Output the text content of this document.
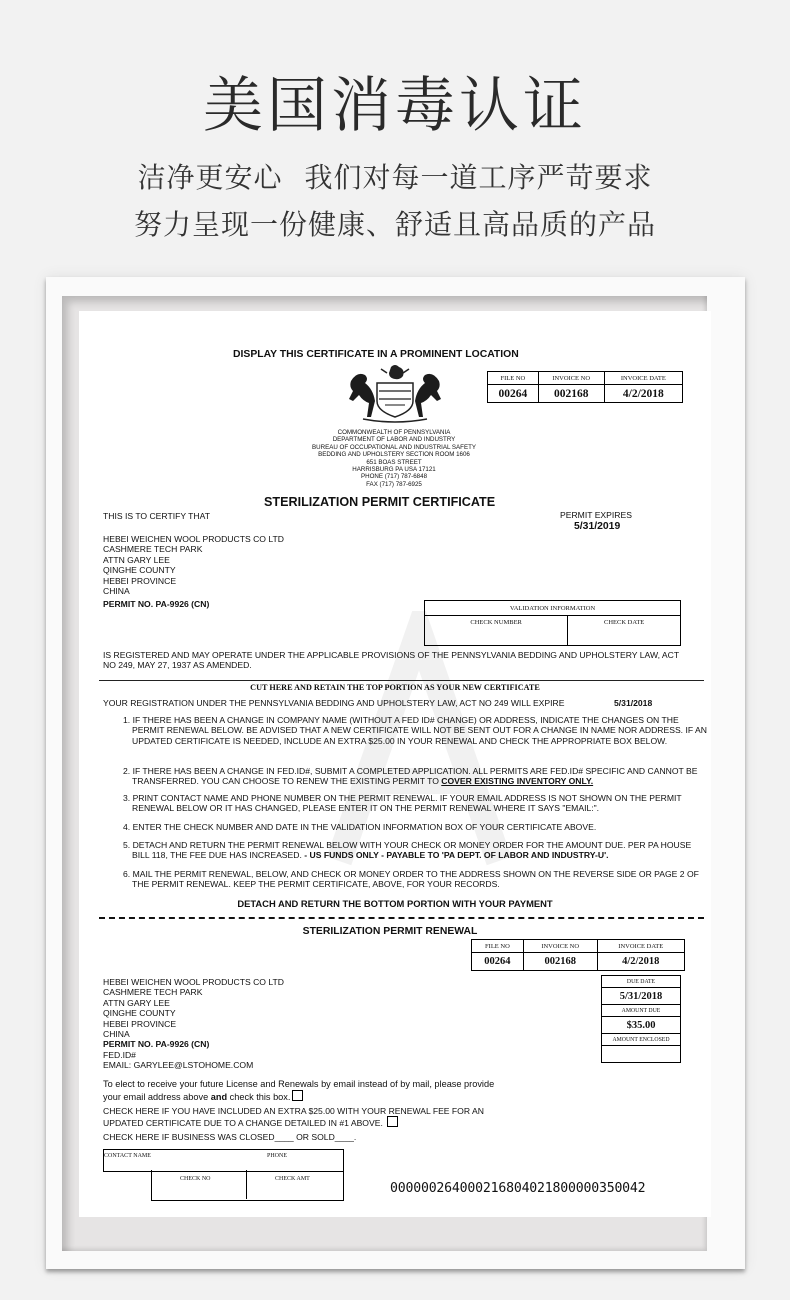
美国消毒认证
洁净更安心 我们对每一道工序严苛要求
努力呈现一份健康、舒适且高品质的产品
DISPLAY THIS CERTIFICATE IN A PROMINENT LOCATION
FILE NO	INVOICE NO	INVOICE DATE
00264	002168	4/2/2018
COMMONWEALTH OF PENNSYLVANIA
DEPARTMENT OF LABOR AND INDUSTRY
BUREAU OF OCCUPATIONAL AND INDUSTRIAL SAFETY
BEDDING AND UPHOLSTERY SECTION ROOM 1606
651 BOAS STREET
HARRISBURG PA USA 17121
PHONE (717) 787-6848
FAX (717) 787-6925
STERILIZATION PERMIT CERTIFICATE
THIS IS TO CERTIFY THAT	PERMIT EXPIRES
5/31/2019
HEBEI WEICHEN WOOL PRODUCTS CO LTD
CASHMERE TECH PARK
ATTN GARY LEE
QINGHE COUNTY
HEBEI PROVINCE
CHINA
PERMIT NO. PA-9926 (CN)	VALIDATION INFORMATION
CHECK NUMBER	CHECK DATE
IS REGISTERED AND MAY OPERATE UNDER THE APPLICABLE PROVISIONS OF THE PENNSYLVANIA BEDDING AND UPHOLSTERY LAW, ACT NO 249, MAY 27, 1937 AS AMENDED.
CUT HERE AND RETAIN THE TOP PORTION AS YOUR NEW CERTIFICATE
YOUR REGISTRATION UNDER THE PENNSYLVANIA BEDDING AND UPHOLSTERY LAW, ACT NO 249 WILL EXPIRE	5/31/2018
1. IF THERE HAS BEEN A CHANGE IN COMPANY NAME (WITHOUT A FED ID# CHANGE) OR ADDRESS, INDICATE THE CHANGES ON THE PERMIT RENEWAL BELOW. BE ADVISED THAT A NEW CERTIFICATE WILL NOT BE SENT OUT FOR A CHANGE IN NAME NOR ADDRESS. IF AN UPDATED CERTIFICATE IS NEEDED, INCLUDE AN EXTRA $25.00 IN YOUR RENEWAL AND CHECK THE APPROPRIATE BOX BELOW.
2. IF THERE HAS BEEN A CHANGE IN FED.ID#, SUBMIT A COMPLETED APPLICATION. ALL PERMITS ARE FED.ID# SPECIFIC AND CANNOT BE TRANSFERRED. YOU CAN CHOOSE TO RENEW THE EXISTING PERMIT TO COVER EXISTING INVENTORY ONLY.
3. PRINT CONTACT NAME AND PHONE NUMBER ON THE PERMIT RENEWAL. IF YOUR EMAIL ADDRESS IS NOT SHOWN ON THE PERMIT RENEWAL BELOW OR IT HAS CHANGED, PLEASE ENTER IT ON THE PERMIT RENEWAL WHERE IT SAYS "EMAIL:".
4. ENTER THE CHECK NUMBER AND DATE IN THE VALIDATION INFORMATION BOX OF YOUR CERTIFICATE ABOVE.
5. DETACH AND RETURN THE PERMIT RENEWAL BELOW WITH YOUR CHECK OR MONEY ORDER FOR THE AMOUNT DUE. PER PA HOUSE BILL 118, THE FEE DUE HAS INCREASED. - US FUNDS ONLY - PAYABLE TO 'PA DEPT. OF LABOR AND INDUSTRY-U'.
6. MAIL THE PERMIT RENEWAL, BELOW, AND CHECK OR MONEY ORDER TO THE ADDRESS SHOWN ON THE REVERSE SIDE OR PAGE 2 OF THE PERMIT RENEWAL. KEEP THE PERMIT CERTIFICATE, ABOVE, FOR YOUR RECORDS.
DETACH AND RETURN THE BOTTOM PORTION WITH YOUR PAYMENT
STERILIZATION PERMIT RENEWAL
FILE NO	INVOICE NO	INVOICE DATE
00264	002168	4/2/2018
DUE DATE
5/31/2018
AMOUNT DUE
$35.00
AMOUNT ENCLOSED

HEBEI WEICHEN WOOL PRODUCTS CO LTD
CASHMERE TECH PARK
ATTN GARY LEE
QINGHE COUNTY
HEBEI PROVINCE
CHINA
PERMIT NO. PA-9926 (CN)
FED.ID#
EMAIL: GARYLEE@LSTOHOME.COM
To elect to receive your future License and Renewals by email instead of by mail, please provide
your email address above and check this box.
CHECK HERE IF YOU HAVE INCLUDED AN EXTRA $25.00 WITH YOUR RENEWAL FEE FOR AN
UPDATED CERTIFICATE DUE TO A CHANGE DETAILED IN #1 ABOVE.
CHECK HERE IF BUSINESS WAS CLOSED____ OR SOLD____.
CONTACT NAME	PHONE
CHECK NO	CHECK AMT
000000264000216804021800000350042
